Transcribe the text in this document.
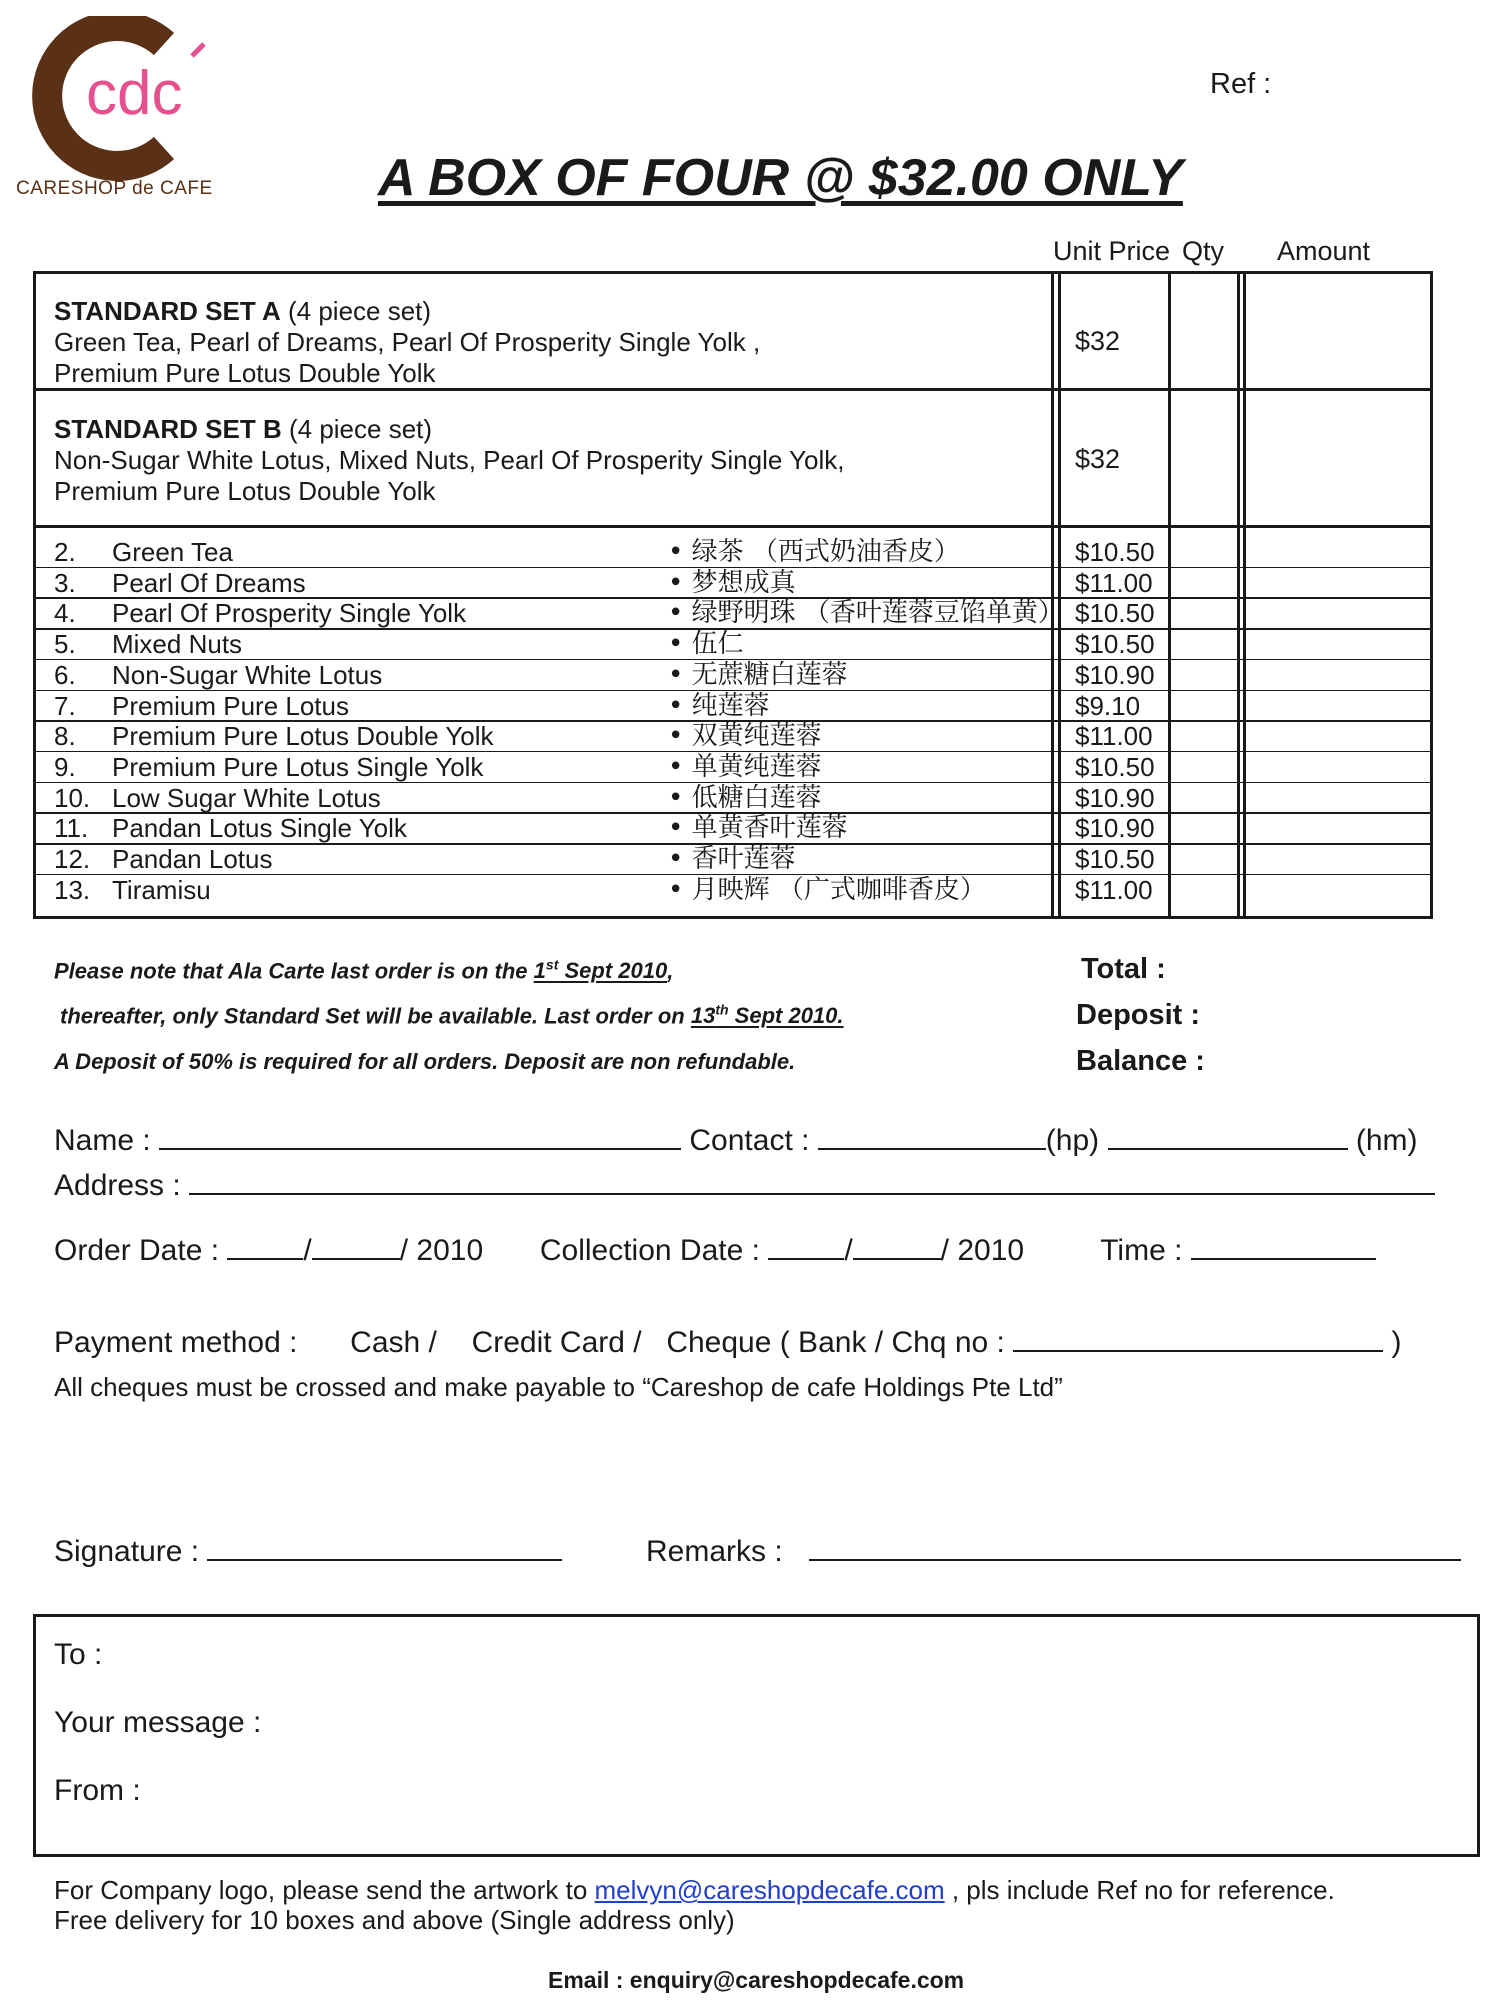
Ref :
cdc
CARESHOP de CAFE	A BOX OF FOUR @ $32.00 ONLY
Unit Price Qty Amount
STANDARD SET A (4 piece set)
Green Tea, Pearl of Dreams, Pearl Of Prosperity Single Yolk ,
Premium Pure Lotus Double Yolk
$32
STANDARD SET B (4 piece set)
Non-Sugar White Lotus, Mixed Nuts, Pearl Of Prosperity Single Yolk,
Premium Pure Lotus Double Yolk
$32
2. Green Tea	• 绿茶 （西式奶油香皮）	$10.50
3. Pearl Of Dreams	• 梦想成真	$11.00
4. Pearl Of Prosperity Single Yolk	• 绿野明珠 （香叶莲蓉豆馅单黄） $10.50
5. Mixed Nuts	• 伍仁	$10.50
6. Non-Sugar White Lotus	• 无蔗糖白莲蓉	$10.90
7. Premium Pure Lotus	• 纯莲蓉	$9.10
8. Premium Pure Lotus Double Yolk	• 双黄纯莲蓉	$11.00
9. Premium Pure Lotus Single Yolk	• 单黄纯莲蓉	$10.50
10. Low Sugar White Lotus	• 低糖白莲蓉	$10.90
11. Pandan Lotus Single Yolk	• 单黄香叶莲蓉	$10.90
12. Pandan Lotus	• 香叶莲蓉	$10.50
13. Tiramisu	• 月映辉 （广式咖啡香皮）	$11.00
Please note that Ala Carte last order is on the 1st Sept 2010,
thereafter, only Standard Set will be available. Last order on 13th Sept 2010.
A Deposit of 50% is required for all orders. Deposit are non refundable.
Total :
Deposit :
Balance :
Name :	Contact :	(hp)	(hm)
Address :
Order Date :	/	/ 2010 Collection Date :	/	/ 2010	Time :
Payment method : Cash / Credit Card / Cheque ( Bank / Chq no :	)
All cheques must be crossed and make payable to “Careshop de cafe Holdings Pte Ltd”
Signature :	Remarks :
To :
Your message :
From :
For Company logo, please send the artwork to melvyn@careshopdecafe.com , pls include Ref no for reference.
Free delivery for 10 boxes and above (Single address only)
Email : enquiry@careshopdecafe.com
